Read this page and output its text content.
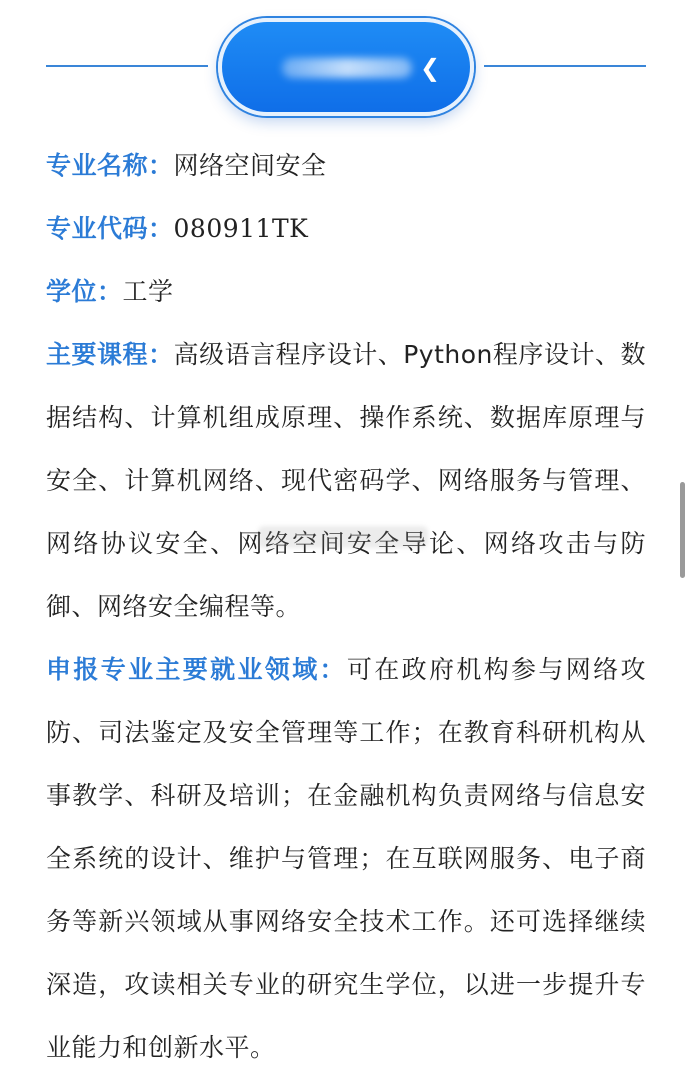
❮
专业名称：网络空间安全
专业代码：080911TK
学位：工学
主要课程：高级语言程序设计、Python程序设计、数据结构、计算机组成原理、操作系统、数据库原理与安全、计算机网络、现代密码学、网络服务与管理、网络协议安全、网络空间安全导论、网络攻击与防御、网络安全编程等。
申报专业主要就业领域：可在政府机构参与网络攻防、司法鉴定及安全管理等工作；在教育科研机构从事教学、科研及培训；在金融机构负责网络与信息安全系统的设计、维护与管理；在互联网服务、电子商务等新兴领域从事网络安全技术工作。还可选择继续深造，攻读相关专业的研究生学位，以进一步提升专业能力和创新水平。
